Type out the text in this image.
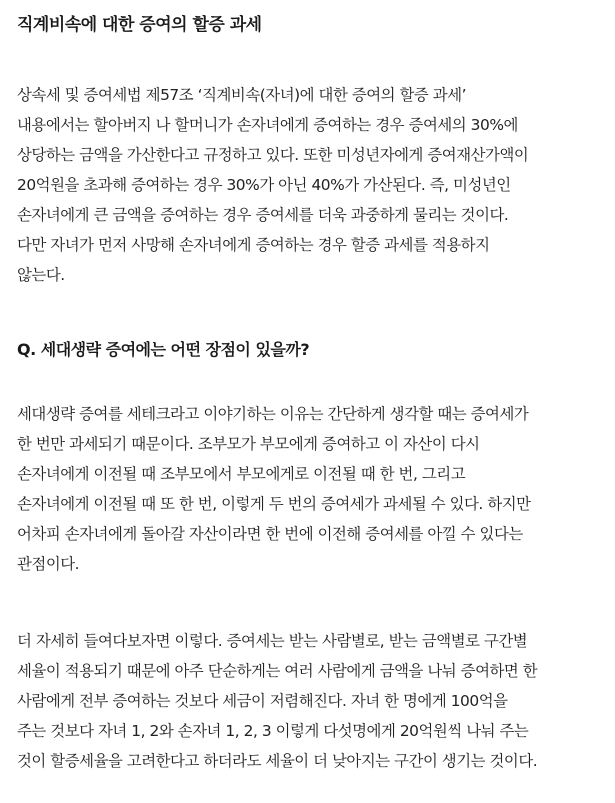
직계비속에 대한 증여의 할증 과세
상속세 및 증여세법 제57조 ‘직계비속(자녀)에 대한 증여의 할증 과세’
내용에서는 할아버지 나 할머니가 손자녀에게 증여하는 경우 증여세의 30%에
상당하는 금액을 가산한다고 규정하고 있다. 또한 미성년자에게 증여재산가액이
20억원을 초과해 증여하는 경우 30%가 아닌 40%가 가산된다. 즉, 미성년인
손자녀에게 큰 금액을 증여하는 경우 증여세를 더욱 과중하게 물리는 것이다.
다만 자녀가 먼저 사망해 손자녀에게 증여하는 경우 할증 과세를 적용하지
않는다.
Q. 세대생략 증여에는 어떤 장점이 있을까?
세대생략 증여를 세테크라고 이야기하는 이유는 간단하게 생각할 때는 증여세가
한 번만 과세되기 때문이다. 조부모가 부모에게 증여하고 이 자산이 다시
손자녀에게 이전될 때 조부모에서 부모에게로 이전될 때 한 번, 그리고
손자녀에게 이전될 때 또 한 번, 이렇게 두 번의 증여세가 과세될 수 있다. 하지만
어차피 손자녀에게 돌아갈 자산이라면 한 번에 이전해 증여세를 아낄 수 있다는
관점이다.
더 자세히 들여다보자면 이렇다. 증여세는 받는 사람별로, 받는 금액별로 구간별
세율이 적용되기 때문에 아주 단순하게는 여러 사람에게 금액을 나눠 증여하면 한
사람에게 전부 증여하는 것보다 세금이 저렴해진다. 자녀 한 명에게 100억을
주는 것보다 자녀 1, 2와 손자녀 1, 2, 3 이렇게 다섯명에게 20억원씩 나눠 주는
것이 할증세율을 고려한다고 하더라도 세율이 더 낮아지는 구간이 생기는 것이다.
